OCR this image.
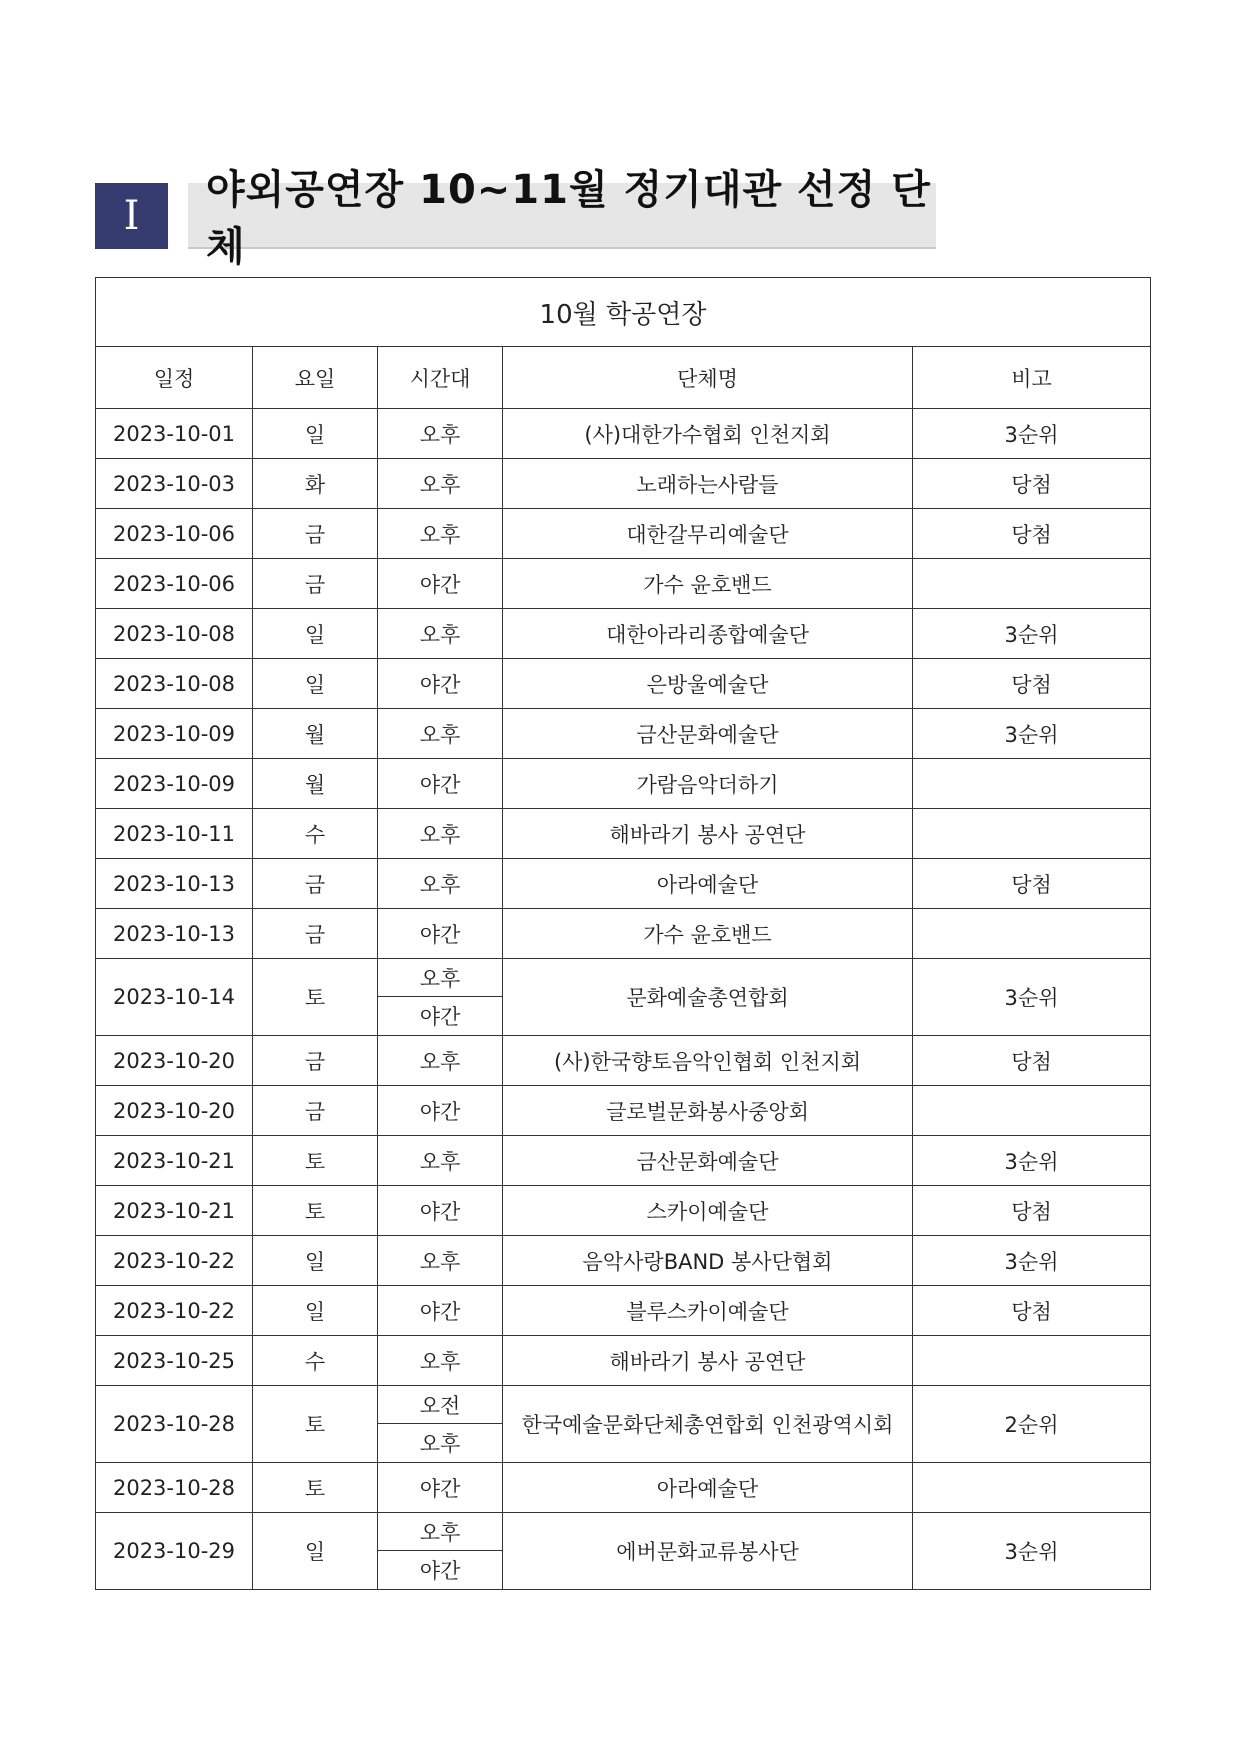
I
야외공연장 10~11월 정기대관 선정 단체
10월 학공연장				
일정	요일	시간대	단체명	비고
2023-10-01	일	오후	(사)대한가수협회 인천지회	3순위
2023-10-03	화	오후	노래하는사람들	당첨
2023-10-06	금	오후	대한갈무리예술단	당첨
2023-10-06	금	야간	가수 윤호밴드	
2023-10-08	일	오후	대한아라리종합예술단	3순위
2023-10-08	일	야간	은방울예술단	당첨
2023-10-09	월	오후	금산문화예술단	3순위
2023-10-09	월	야간	가람음악더하기	
2023-10-11	수	오후	해바라기 봉사 공연단	
2023-10-13	금	오후	아라예술단	당첨
2023-10-13	금	야간	가수 윤호밴드	
2023-10-14	토	오후	문화예술총연합회	3순위
		야간		
2023-10-20	금	오후	(사)한국향토음악인협회 인천지회	당첨
2023-10-20	금	야간	글로벌문화봉사중앙회	
2023-10-21	토	오후	금산문화예술단	3순위
2023-10-21	토	야간	스카이예술단	당첨
2023-10-22	일	오후	음악사랑BAND 봉사단협회	3순위
2023-10-22	일	야간	블루스카이예술단	당첨
2023-10-25	수	오후	해바라기 봉사 공연단	
2023-10-28	토	오전	한국예술문화단체총연합회 인천광역시회	2순위
		오후		
2023-10-28	토	야간	아라예술단	
2023-10-29	일	오후	에버문화교류봉사단	3순위
		야간		
